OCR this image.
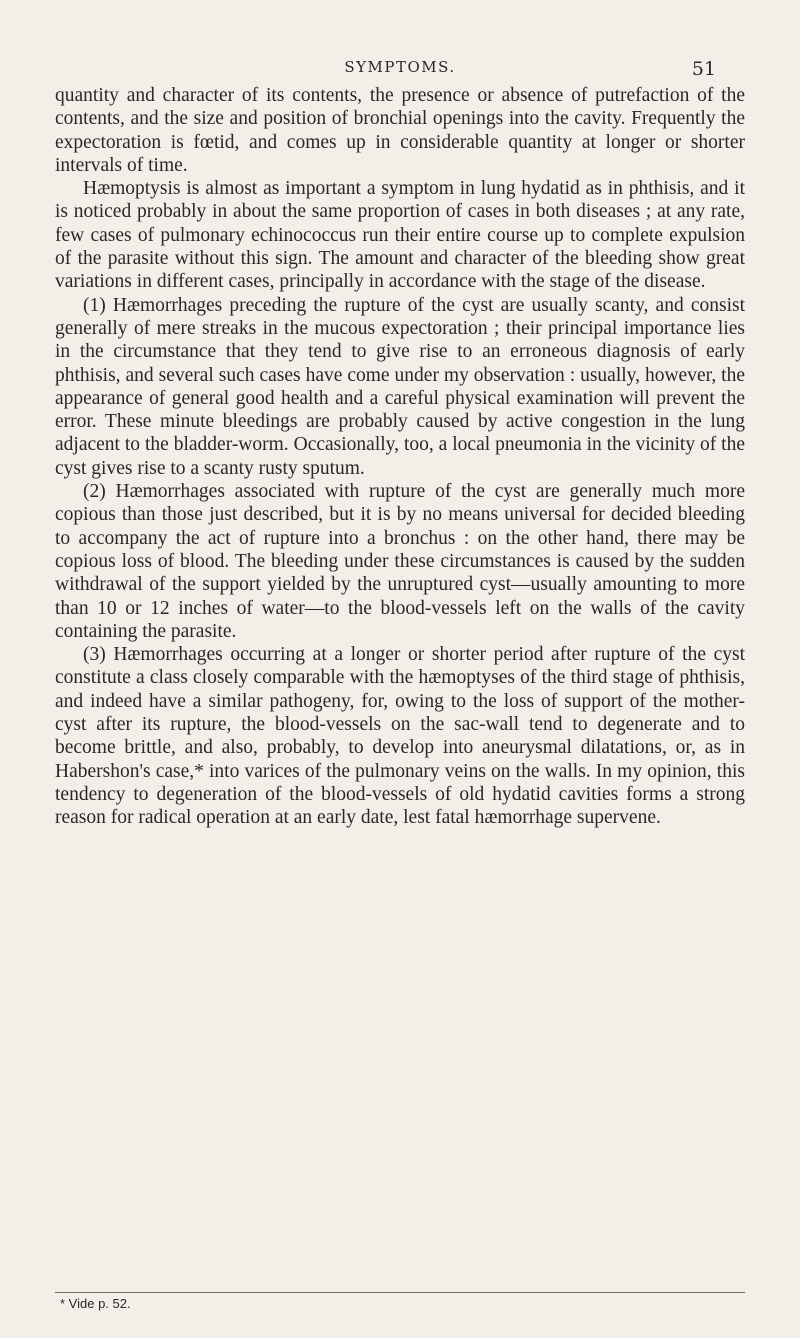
SYMPTOMS.	51

quantity and character of its contents, the presence or absence of putrefaction of the contents, and the size and position of bronchial openings into the cavity. Frequently the expectoration is fœtid, and comes up in considerable quantity at longer or shorter intervals of time.

Hæmoptysis is almost as important a symptom in lung hydatid as in phthisis, and it is noticed probably in about the same proportion of cases in both diseases ; at any rate, few cases of pulmonary echinococcus run their entire course up to complete expulsion of the parasite without this sign. The amount and character of the bleeding show great variations in different cases, principally in accordance with the stage of the disease.

(1) Hæmorrhages preceding the rupture of the cyst are usually scanty, and consist generally of mere streaks in the mucous expectoration ; their principal importance lies in the circumstance that they tend to give rise to an erroneous diagnosis of early phthisis, and several such cases have come under my observation : usually, however, the appearance of general good health and a careful physical examination will prevent the error. These minute bleedings are probably caused by active congestion in the lung adjacent to the bladder-worm. Occasionally, too, a local pneumonia in the vicinity of the cyst gives rise to a scanty rusty sputum.

(2) Hæmorrhages associated with rupture of the cyst are generally much more copious than those just described, but it is by no means universal for decided bleeding to accompany the act of rupture into a bronchus : on the other hand, there may be copious loss of blood. The bleeding under these circumstances is caused by the sudden withdrawal of the support yielded by the unruptured cyst—usually amounting to more than 10 or 12 inches of water—to the blood-vessels left on the walls of the cavity containing the parasite.

(3) Hæmorrhages occurring at a longer or shorter period after rupture of the cyst constitute a class closely comparable with the hæmoptyses of the third stage of phthisis, and indeed have a similar pathogeny, for, owing to the loss of support of the mother-cyst after its rupture, the blood-vessels on the sac-wall tend to degenerate and to become brittle, and also, probably, to develop into aneurysmal dilatations, or, as in Habershon's case,* into varices of the pulmonary veins on the walls. In my opinion, this tendency to degeneration of the blood-vessels of old hydatid cavities forms a strong reason for radical operation at an early date, lest fatal hæmorrhage supervene.

* Vide p. 52.
